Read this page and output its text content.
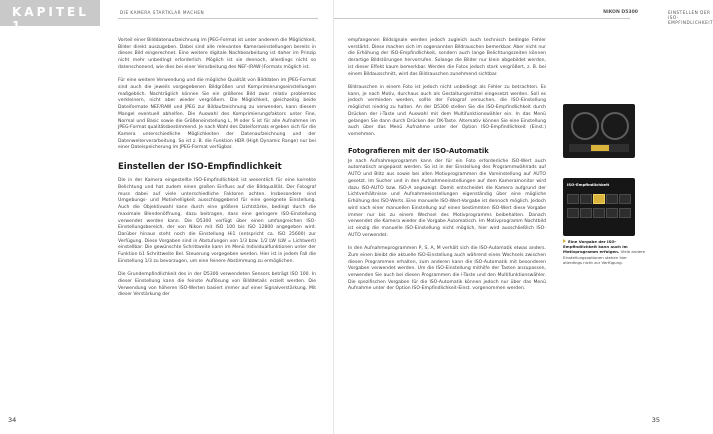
KAPITEL 1
DIE KAMERA STARTKLAR MACHEN

Vorteil einer Bilddatenaufzeichnung im JPEG-Format ist unter anderem die Möglichkeit, Bilder direkt auszugeben. Dabei sind alle relevanten Kameraeinstellungen bereits in dieses Bild eingerechnet. Eine weitere digitale Nachbearbeitung ist daher im Prinzip nicht mehr unbedingt erforderlich. Möglich ist sie dennoch, allerdings nicht so datenschonend, wie dies bei einer Verarbeitung des NEF-(RAW-)Formats möglich ist.

Für eine weitere Verwendung und die mögliche Qualität von Bilddaten im JPEG-Format sind auch die jeweils vorgegebenen Bildgrößen und Komprimierungseinstellungen maßgeblich. Nachträglich können Sie ein größeres Bild zwar relativ problemlos verkleinern, nicht aber wieder vergrößern. Die Möglichkeit, gleichzeitig beide Dateiformate NEF/RAW und JPEG zur Bildaufzeichnung zu verwenden, kann diesem Mangel eventuell abhelfen. Die Auswahl des Komprimierungsfaktors unter Fine, Normal und Basic sowie die Größeneinstellung L, M oder S ist für alle Aufnahmen im JPEG-Format qualitätsbestimmend. Je nach Wahl des Dateiformats ergeben sich für die Kamera unterschiedliche Möglichkeiten der Datenaufzeichnung und der Datenweiterverarbeitung. So ist z. B. die Funktion HDR (High Dynamic Range) nur bei einer Dateispeicherung im JPEG-Format verfügbar.

Einstellen der ISO-Empfindlichkeit

Die in der Kamera eingestellte ISO-Empfindlichkeit ist wesentlich für eine korrekte Belichtung und hat zudem einen großen Einfluss auf die Bildqualität. Der Fotograf muss dabei auf viele unterschiedliche Faktoren achten. Insbesondere sind Umgebungs- und Motivhelligkeit ausschlaggebend für eine geeignete Einstellung. Auch die Objektivwahl kann durch eine größere Lichtstärke, bedingt durch die maximale Blendenöffnung, dazu beitragen, dass eine geringere ISO-Einstellung verwendet werden kann. Die D5300 verfügt über einen umfangreichen ISO-Einstellungsbereich, der von Nikon mit ISO 100 bis ISO 12800 angegeben wird. Darüber hinaus steht noch die Einstellung Hi1 (entspricht ca. ISO 25600) zur Verfügung. Diese Vorgaben sind in Abstufungen von 1/3 bzw. 1/2 LW (LW = Lichtwert) einstellbar. Die gewünschte Schrittweite kann im Menü Individualfunktionen unter der Funktion b1 Schrittweite Bel. Steuerung vorgegeben werden. Hier ist in jedem Fall die Einstellung 1/3 zu bevorzugen, um eine feinere Abstimmung zu ermöglichen.

Die Grundempfindlichkeit des in der D5300 verwendeten Sensors beträgt ISO 100. In dieser Einstellung kann die feinste Auflösung von Bilddetails erzielt werden. Die Verwendung von höheren ISO-Werten basiert immer auf einer Signalverstärkung. Mit dieser Verstärkung der

34
EINSTELLEN DER ISO-EMPFINDLICHKEIT
NIKON D5300

empfangenen Bildsignale werden jedoch zugleich auch technisch bedingte Fehler verstärkt. Diese machen sich im sogenannten Bildrauschen bemerkbar. Aber nicht nur die Erhöhung der ISO-Empfindlichkeit, sondern auch lange Belichtungszeiten können derartige Bildstörungen hervorrufen. Solange die Bilder nur klein abgebildet werden, ist dieser Effekt kaum bemerkbar. Werden die Fotos jedoch stark vergrößert, z. B. bei einem Bildausschnitt, wird das Bildrauschen zunehmend sichtbar.

Bildrauschen in einem Foto ist jedoch nicht unbedingt als Fehler zu betrachten. Es kann, je nach Motiv, durchaus auch als Gestaltungsmittel eingesetzt werden. Soll es jedoch vermieden werden, sollte der Fotograf versuchen, die ISO-Einstellung möglichst niedrig zu halten. An der D5300 stellen Sie die ISO-Empfindlichkeit durch Drücken der i-Taste und Auswahl mit dem Multifunktionswähler ein. In das Menü gelangen Sie dann durch Drücken der OK-Taste. Alternativ können Sie eine Einstellung auch über das Menü Aufnahme unter der Option ISO-Empfindlichkeit (Einst.) vornehmen.

Fotografieren mit der ISO-Automatik

Je nach Aufnahmeprogramm kann der für ein Foto erforderliche ISO-Wert auch automatisch angepasst werden. So ist in der Einstellung des Programmwählrads auf AUTO und Blitz aus sowie bei allen Motivprogrammen die Voreinstellung auf AUTO gesetzt. Im Sucher und in den Aufnahmeeinstellungen auf dem Kameramonitor wird dazu ISO-AUTO bzw. ISO-A angezeigt. Damit entscheidet die Kamera aufgrund der Lichtverhältnisse und Aufnahmeeinstellungen eigenständig über eine mögliche Erhöhung des ISO-Werts. Eine manuelle ISO-Wert-Vorgabe ist dennoch möglich. Jedoch wird nach einer manuellen Einstellung auf einen bestimmten ISO-Wert diese Vorgabe immer nur bis zu einem Wechsel des Motivprogramms beibehalten. Danach verwendet die Kamera wieder die Vorgabe Automatisch. Im Motivprogramm Nachtbild ist einzig die manuelle ISO-Einstellung nicht möglich, hier wird ausschließlich ISO-AUTO verwendet.

In den Aufnahmeprogrammen P, S, A, M verhält sich die ISO-Automatik etwas anders. Zum einen bleibt die aktuelle ISO-Einstellung auch während eines Wechsels zwischen diesen Programmen erhalten, zum anderen kann die ISO-Automatik mit besonderen Vorgaben verwendet werden. Um die ISO-Einstellung mithilfe der Tasten anzupassen, verwenden Sie auch bei diesen Programmen die i-Taste und den Multifunktionswähler. Die spezifischen Vorgaben für die ISO-Automatik können jedoch nur über das Menü Aufnahme unter der Option ISO-Empfindlichkeit-Einst. vorgenommen werden.

ISO-Empfindlichkeit
Eine Vorgabe der ISO-Empfindlichkeit kann auch im Motivprogramm erfolgen. Viele andere Einstellungsoptionen stehen hier allerdings nicht zur Verfügung.
35
